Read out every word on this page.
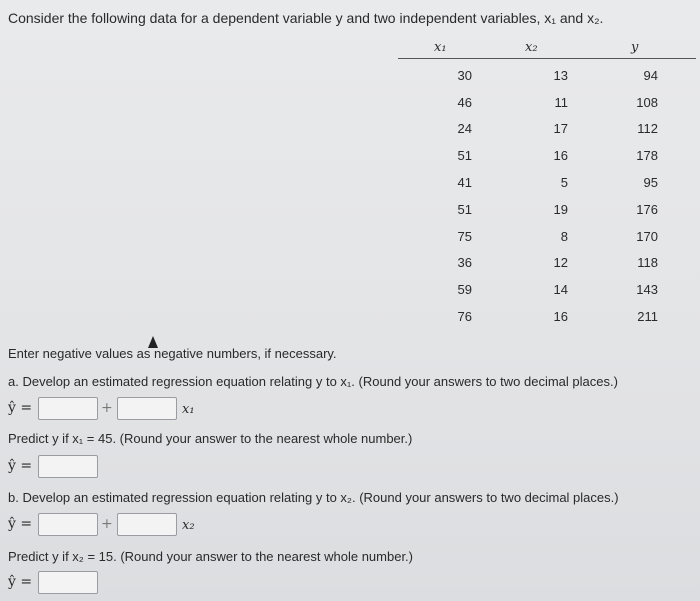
Consider the following data for a dependent variable y and two independent variables, x₁ and x₂.
x₁	x₂	y
30	13	94
46	11	108
24	17	112
51	16	178
41	5	95
51	19	176
75	8	170
36	12	118
59	14	143
76	16	211
Enter negative values as negative numbers, if necessary.
a. Develop an estimated regression equation relating y to x₁. (Round your answers to two decimal places.)
ŷ =	+	x₁
Predict y if x₁ = 45. (Round your answer to the nearest whole number.)
ŷ =
b. Develop an estimated regression equation relating y to x₂. (Round your answers to two decimal places.)
ŷ =	+	x₂
Predict y if x₂ = 15. (Round your answer to the nearest whole number.)
ŷ =
